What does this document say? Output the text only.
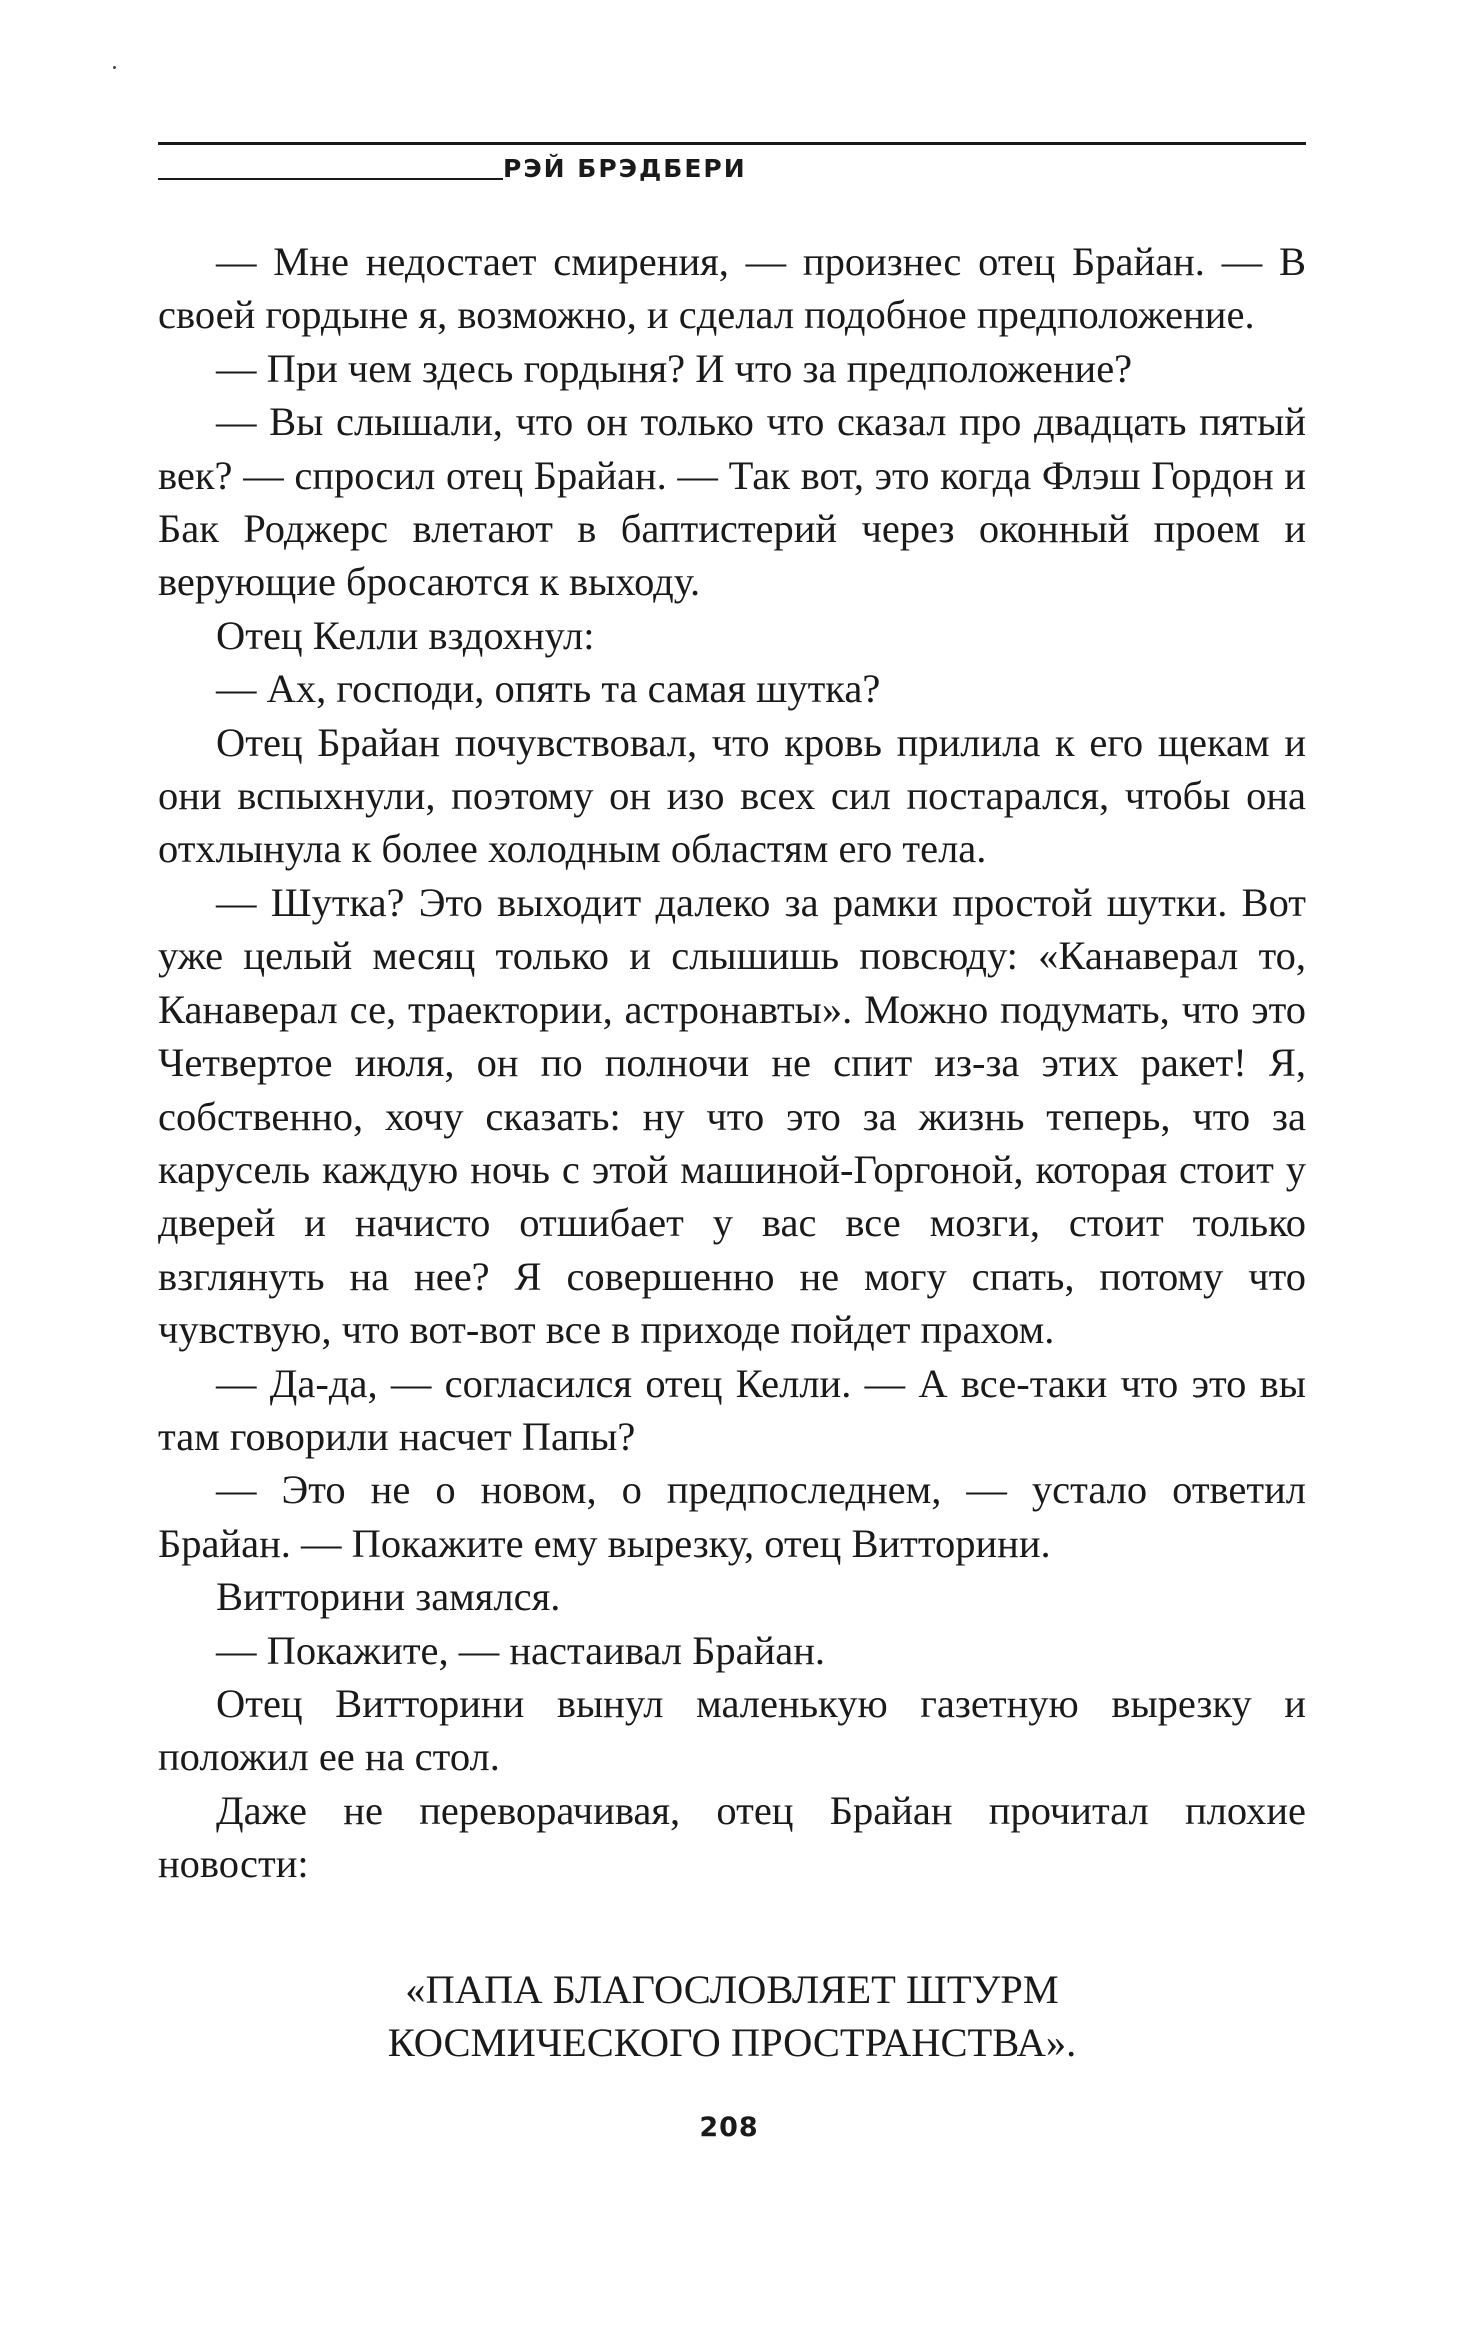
РЭЙ БРЭДБЕРИ

— Мне недостает смирения, — произнес отец Брайан. — В своей гордыне я, возможно, и сделал подобное предположение.

— При чем здесь гордыня? И что за предположение?

— Вы слышали, что он только что сказал про двадцать пятый век? — спросил отец Брайан. — Так вот, это когда Флэш Гордон и Бак Роджерс влетают в баптистерий через оконный проем и верующие бросаются к выходу.

Отец Келли вздохнул:

— Ах, господи, опять та самая шутка?

Отец Брайан почувствовал, что кровь прилила к его щекам и они вспыхнули, поэтому он изо всех сил постарался, чтобы она отхлынула к более холодным областям его тела.

— Шутка? Это выходит далеко за рамки простой шутки. Вот уже целый месяц только и слышишь повсюду: «Канаверал то, Канаверал се, траектории, астронавты». Можно подумать, что это Четвертое июля, он по полночи не спит из-за этих ракет! Я, собственно, хочу сказать: ну что это за жизнь теперь, что за карусель каждую ночь с этой машиной-Горгоной, которая стоит у дверей и начисто отшибает у вас все мозги, стоит только взглянуть на нее? Я совершенно не могу спать, потому что чувствую, что вот-вот все в приходе пойдет прахом.

— Да-да, — согласился отец Келли. — А все-таки что это вы там говорили насчет Папы?

— Это не о новом, о предпоследнем, — устало ответил Брайан. — Покажите ему вырезку, отец Витторини.

Витторини замялся.

— Покажите, — настаивал Брайан.

Отец Витторини вынул маленькую газетную вырезку и положил ее на стол.

Даже не переворачивая, отец Брайан прочитал плохие новости:

«ПАПА БЛАГОСЛОВЛЯЕТ ШТУРМ
КОСМИЧЕСКОГО ПРОСТРАНСТВА».
208
